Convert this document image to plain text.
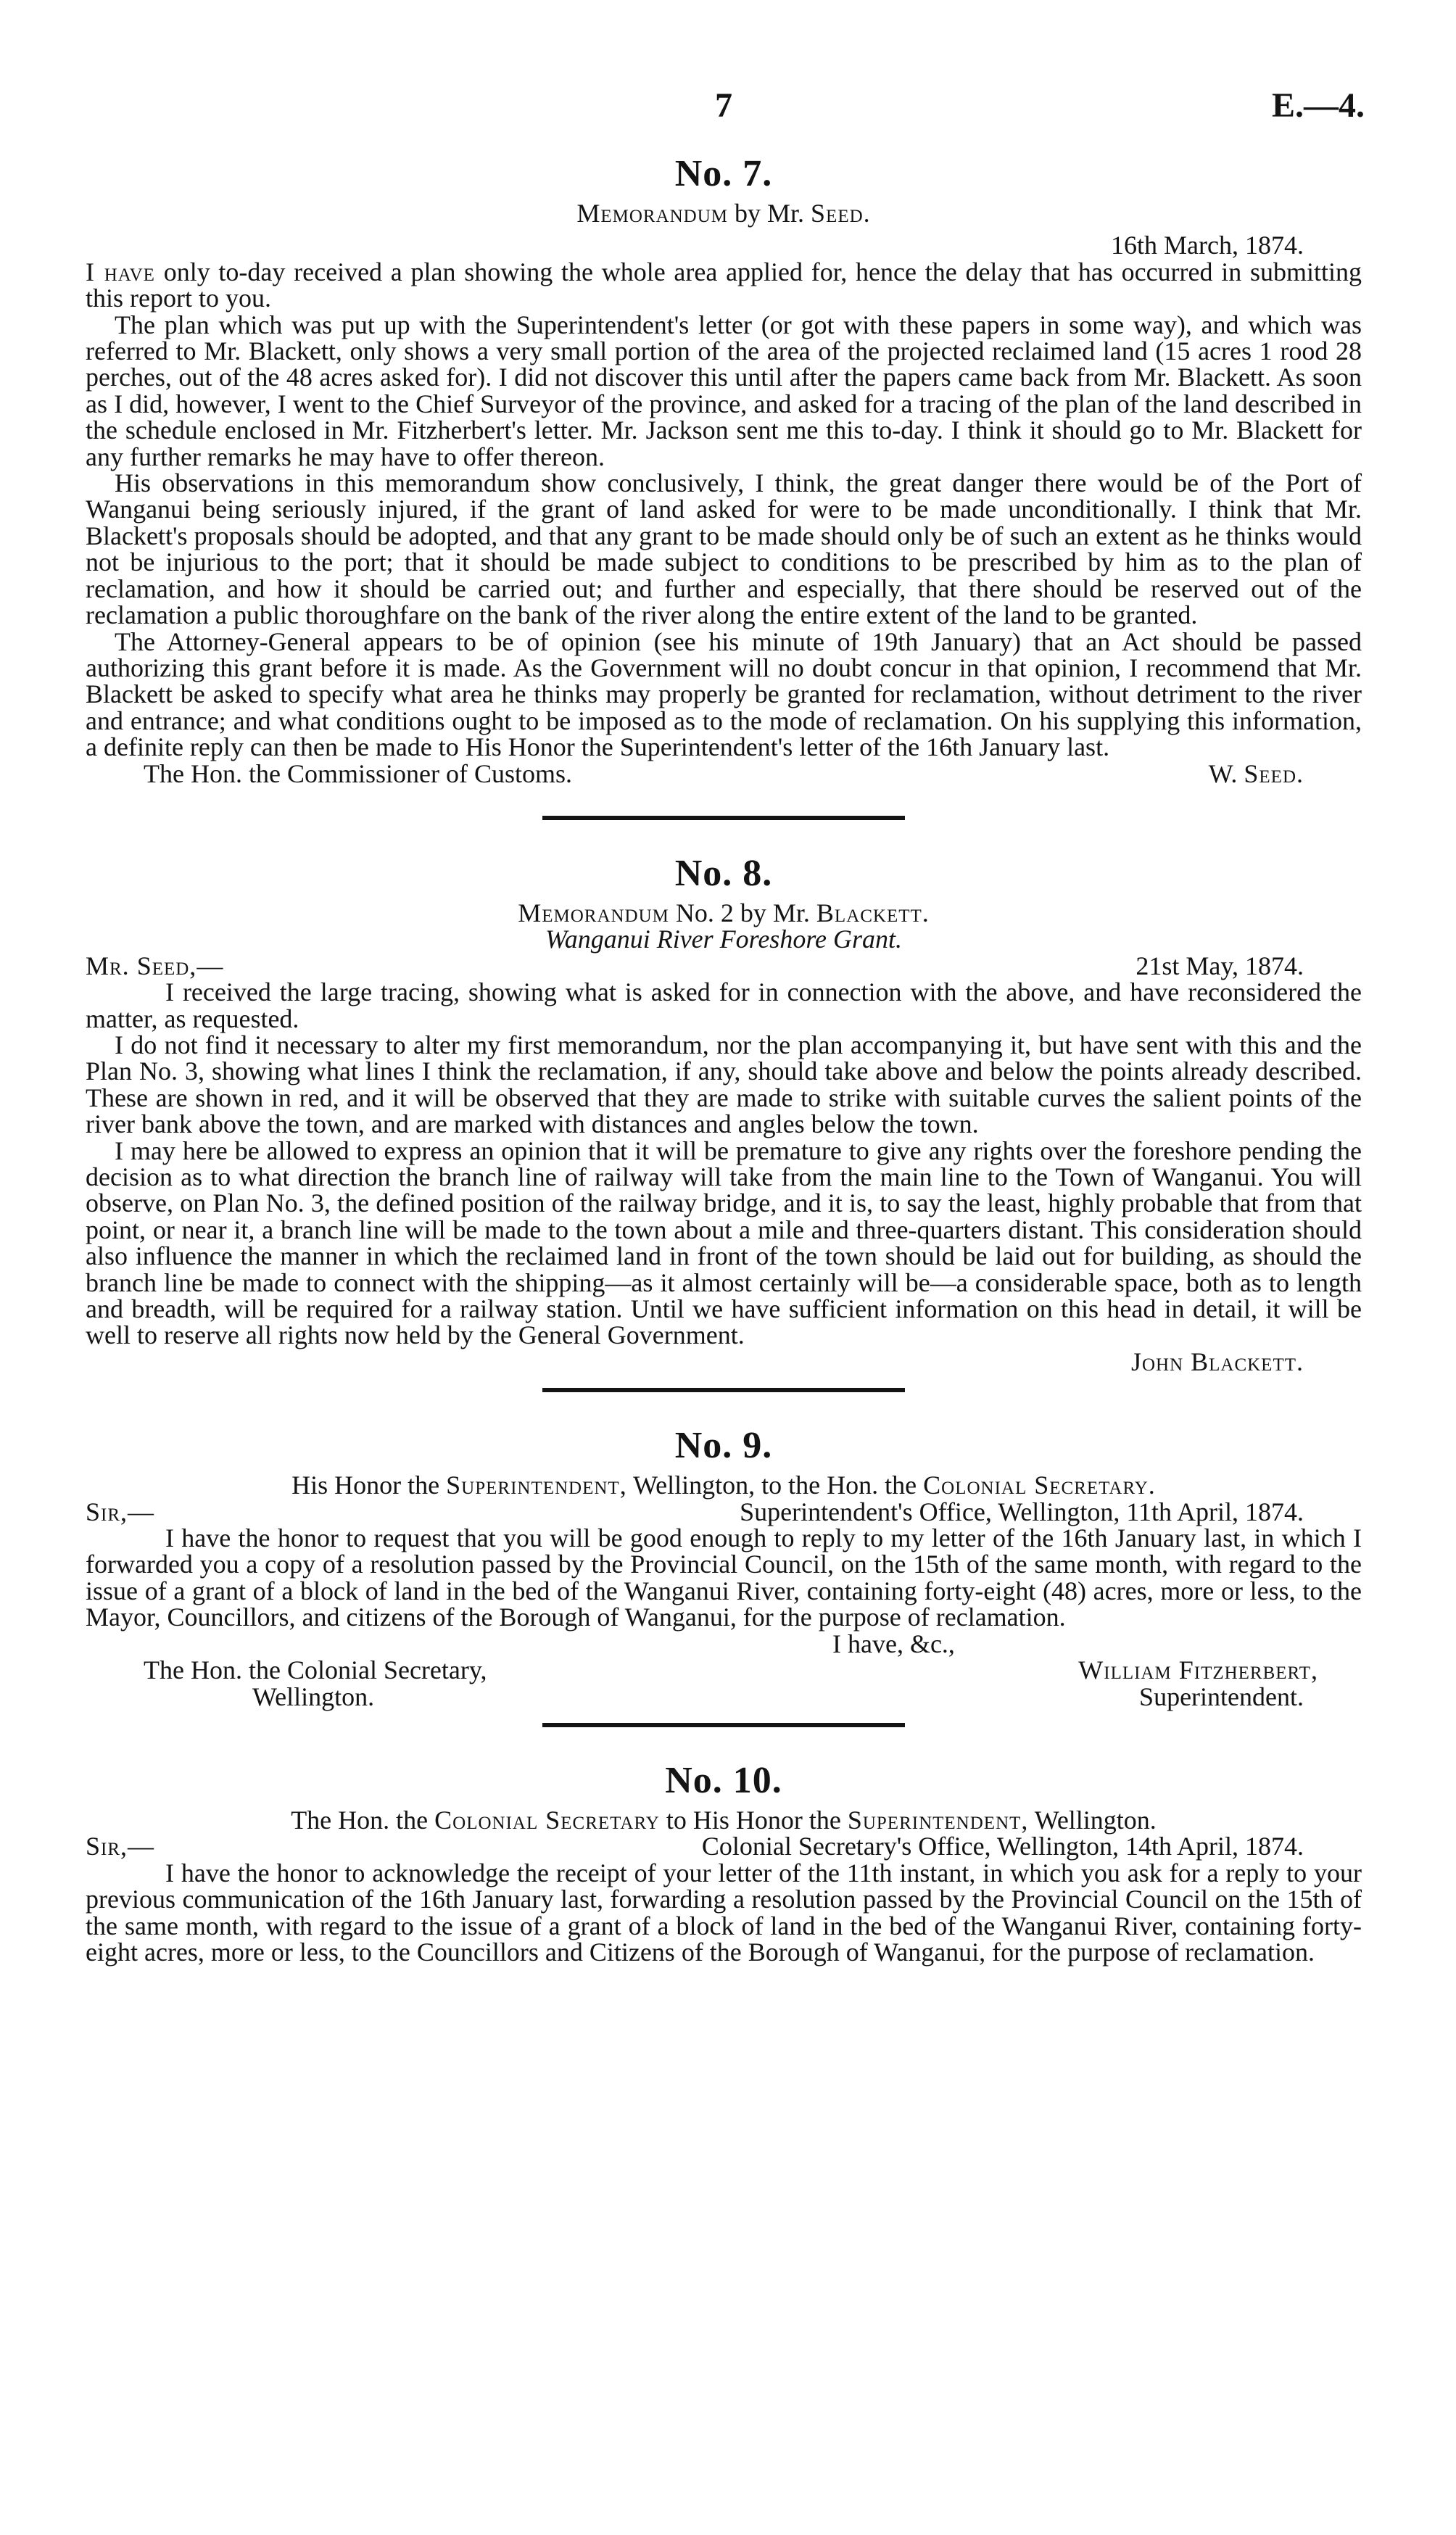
7	E.—4.
No. 7.

Memorandum by Mr. Seed.

16th March, 1874.

I have only to-day received a plan showing the whole area applied for, hence the delay that has occurred in submitting this report to you.

The plan which was put up with the Superintendent's letter (or got with these papers in some way), and which was referred to Mr. Blackett, only shows a very small portion of the area of the projected reclaimed land (15 acres 1 rood 28 perches, out of the 48 acres asked for). I did not discover this until after the papers came back from Mr. Blackett. As soon as I did, however, I went to the Chief Surveyor of the province, and asked for a tracing of the plan of the land described in the schedule enclosed in Mr. Fitzherbert's letter. Mr. Jackson sent me this to-day. I think it should go to Mr. Blackett for any further remarks he may have to offer thereon.

His observations in this memorandum show conclusively, I think, the great danger there would be of the Port of Wanganui being seriously injured, if the grant of land asked for were to be made unconditionally. I think that Mr. Blackett's proposals should be adopted, and that any grant to be made should only be of such an extent as he thinks would not be injurious to the port; that it should be made subject to conditions to be prescribed by him as to the plan of reclamation, and how it should be carried out; and further and especially, that there should be reserved out of the reclamation a public thoroughfare on the bank of the river along the entire extent of the land to be granted.

The Attorney-General appears to be of opinion (see his minute of 19th January) that an Act should be passed authorizing this grant before it is made. As the Government will no doubt concur in that opinion, I recommend that Mr. Blackett be asked to specify what area he thinks may properly be granted for reclamation, without detriment to the river and entrance; and what conditions ought to be imposed as to the mode of reclamation. On his supplying this information, a definite reply can then be made to His Honor the Superintendent's letter of the 16th January last.

The Hon. the Commissioner of Customs.	W. Seed.
No. 8.

Memorandum No. 2 by Mr. Blackett.

Wanganui River Foreshore Grant.

Mr. Seed,—	21st May, 1874.

I received the large tracing, showing what is asked for in connection with the above, and have reconsidered the matter, as requested.

I do not find it necessary to alter my first memorandum, nor the plan accompanying it, but have sent with this and the Plan No. 3, showing what lines I think the reclamation, if any, should take above and below the points already described. These are shown in red, and it will be observed that they are made to strike with suitable curves the salient points of the river bank above the town, and are marked with distances and angles below the town.

I may here be allowed to express an opinion that it will be premature to give any rights over the foreshore pending the decision as to what direction the branch line of railway will take from the main line to the Town of Wanganui. You will observe, on Plan No. 3, the defined position of the railway bridge, and it is, to say the least, highly probable that from that point, or near it, a branch line will be made to the town about a mile and three-quarters distant. This consideration should also influence the manner in which the reclaimed land in front of the town should be laid out for building, as should the branch line be made to connect with the shipping—as it almost certainly will be—a considerable space, both as to length and breadth, will be required for a railway station. Until we have sufficient information on this head in detail, it will be well to reserve all rights now held by the General Government.

John Blackett.
No. 9.

His Honor the Superintendent, Wellington, to the Hon. the Colonial Secretary.

Sir,—	Superintendent's Office, Wellington, 11th April, 1874.

I have the honor to request that you will be good enough to reply to my letter of the 16th January last, in which I forwarded you a copy of a resolution passed by the Provincial Council, on the 15th of the same month, with regard to the issue of a grant of a block of land in the bed of the Wanganui River, containing forty-eight (48) acres, more or less, to the Mayor, Councillors, and citizens of the Borough of Wanganui, for the purpose of reclamation.

I have, &c.,
The Hon. the Colonial Secretary,	William Fitzherbert,
Wellington.	Superintendent.
No. 10.

The Hon. the Colonial Secretary to His Honor the Superintendent, Wellington.

Sir,—	Colonial Secretary's Office, Wellington, 14th April, 1874.

I have the honor to acknowledge the receipt of your letter of the 11th instant, in which you ask for a reply to your previous communication of the 16th January last, forwarding a resolution passed by the Provincial Council on the 15th of the same month, with regard to the issue of a grant of a block of land in the bed of the Wanganui River, containing forty-eight acres, more or less, to the Councillors and Citizens of the Borough of Wanganui, for the purpose of reclamation.
